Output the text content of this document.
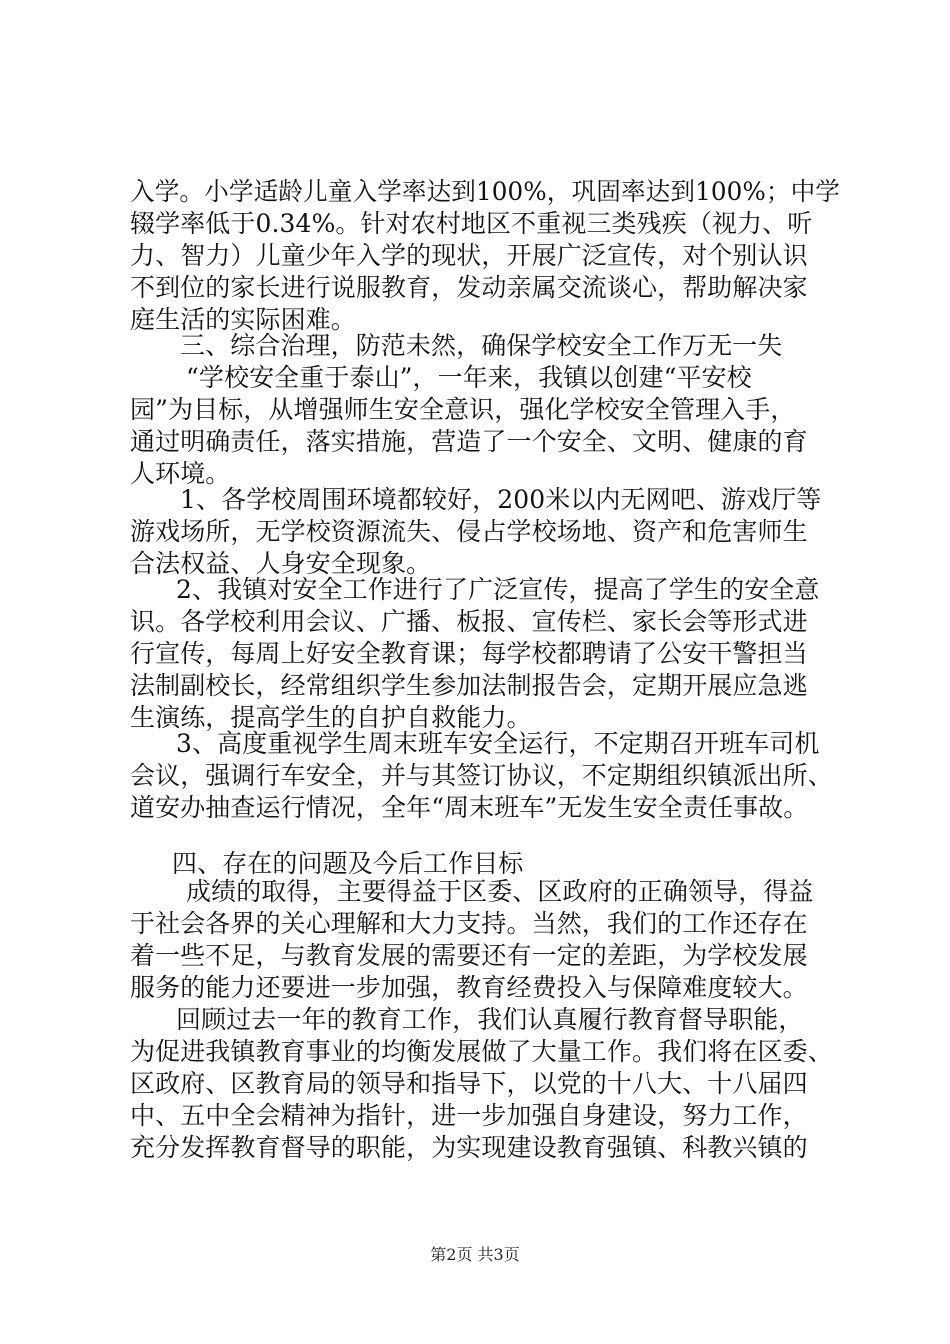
入学。小学适龄儿童入学率达到100%，巩固率达到100%；中学
辍学率低于0.34%。针对农村地区不重视三类残疾（视力、听
力、智力）儿童少年入学的现状，开展广泛宣传，对个别认识
不到位的家长进行说服教育，发动亲属交流谈心，帮助解决家
庭生活的实际困难。
三、综合治理，防范未然，确保学校安全工作万无一失
“学校安全重于泰山”，一年来，我镇以创建“平安校
园”为目标，从增强师生安全意识，强化学校安全管理入手，
通过明确责任，落实措施，营造了一个安全、文明、健康的育
人环境。
1、各学校周围环境都较好，200米以内无网吧、游戏厅等
游戏场所，无学校资源流失、侵占学校场地、资产和危害师生
合法权益、人身安全现象。
2、我镇对安全工作进行了广泛宣传，提高了学生的安全意
识。各学校利用会议、广播、板报、宣传栏、家长会等形式进
行宣传，每周上好安全教育课；每学校都聘请了公安干警担当
法制副校长，经常组织学生参加法制报告会，定期开展应急逃
生演练，提高学生的自护自救能力。
3、高度重视学生周末班车安全运行，不定期召开班车司机
会议，强调行车安全，并与其签订协议，不定期组织镇派出所、
道安办抽查运行情况，全年“周末班车”无发生安全责任事故。
四、存在的问题及今后工作目标
成绩的取得，主要得益于区委、区政府的正确领导，得益
于社会各界的关心理解和大力支持。当然，我们的工作还存在
着一些不足，与教育发展的需要还有一定的差距，为学校发展
服务的能力还要进一步加强，教育经费投入与保障难度较大。
回顾过去一年的教育工作，我们认真履行教育督导职能，
为促进我镇教育事业的均衡发展做了大量工作。我们将在区委、
区政府、区教育局的领导和指导下，以党的十八大、十八届四
中、五中全会精神为指针，进一步加强自身建设，努力工作，
充分发挥教育督导的职能，为实现建设教育强镇、科教兴镇的
第2页 共3页
